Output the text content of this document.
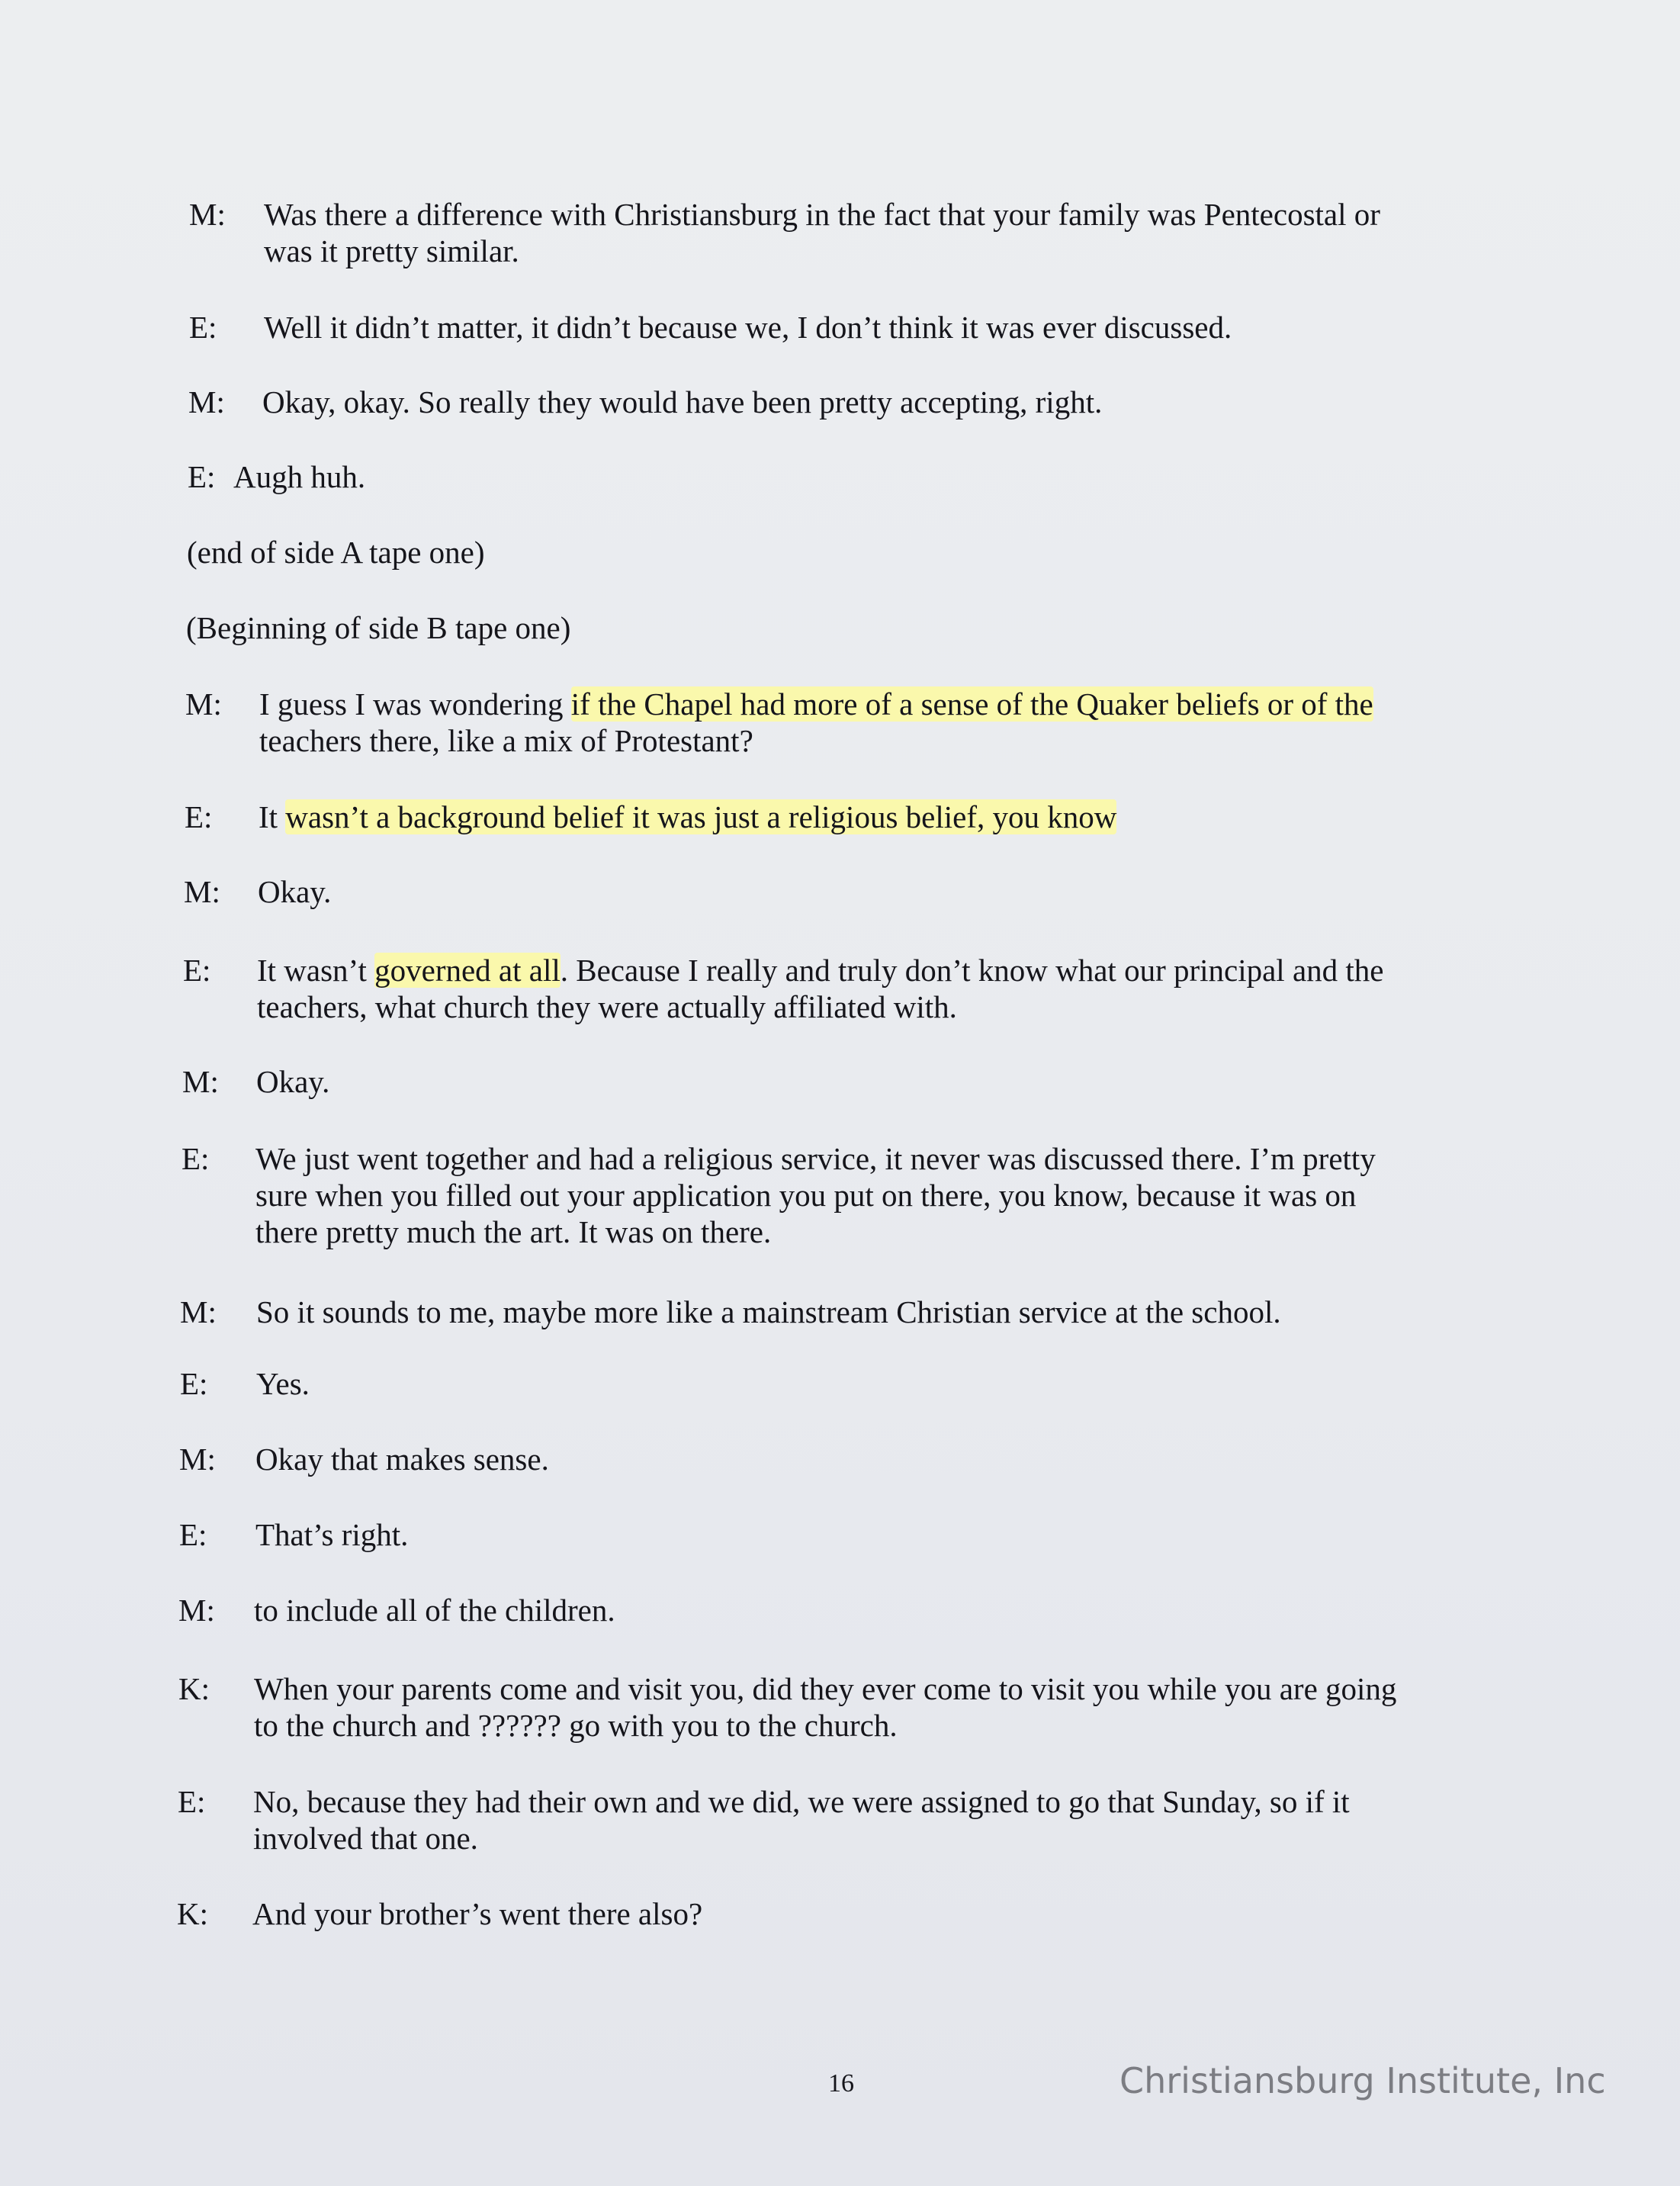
M: Was there a difference with Christiansburg in the fact that your family was Pentecostal or
was it pretty similar.
E: Well it didn’t matter, it didn’t because we, I don’t think it was ever discussed.
M: Okay, okay. So really they would have been pretty accepting, right.
E: Augh huh.
(end of side A tape one)
(Beginning of side B tape one)
M: I guess I was wondering if the Chapel had more of a sense of the Quaker beliefs or of the
teachers there, like a mix of Protestant?
E: It wasn’t a background belief it was just a religious belief, you know
M: Okay.
E: It wasn’t governed at all. Because I really and truly don’t know what our principal and the
teachers, what church they were actually affiliated with.
M: Okay.
E: We just went together and had a religious service, it never was discussed there. I’m pretty
sure when you filled out your application you put on there, you know, because it was on
there pretty much the art. It was on there.
M: So it sounds to me, maybe more like a mainstream Christian service at the school.
E: Yes.
M: Okay that makes sense.
E: That’s right.
M: to include all of the children.
K: When your parents come and visit you, did they ever come to visit you while you are going
to the church and ?????? go with you to the church.
E: No, because they had their own and we did, we were assigned to go that Sunday, so if it
involved that one.
K: And your brother’s went there also?
16	Christiansburg Institute, Inc
